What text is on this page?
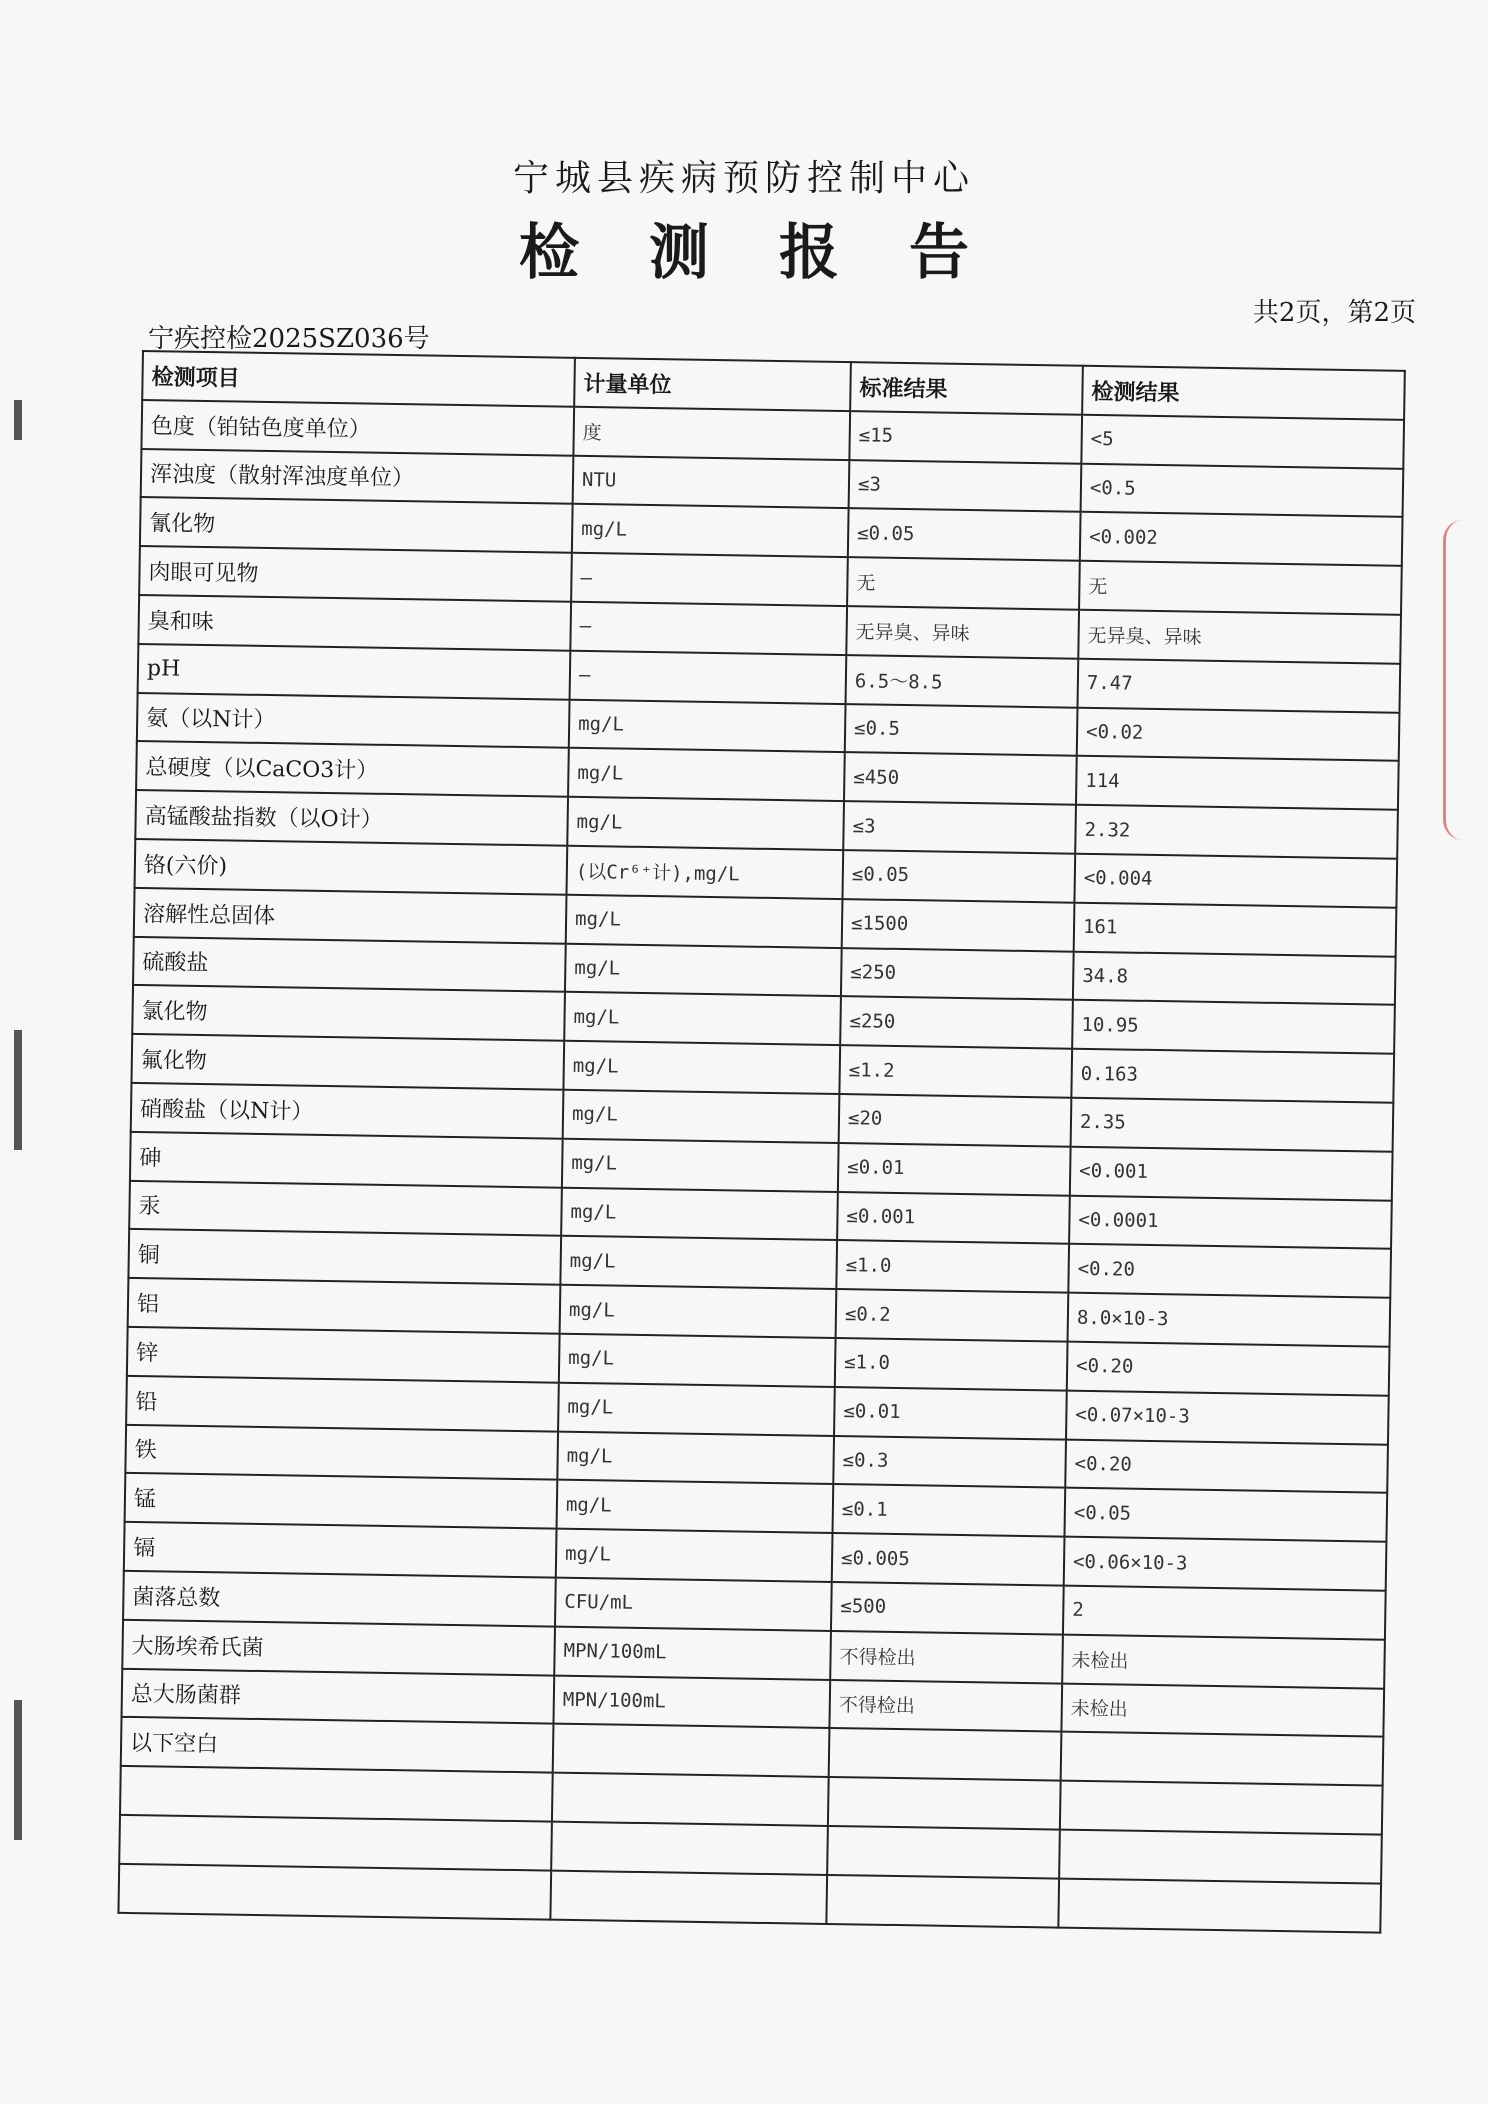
宁城县疾病预防控制中心
检测报告
共2页，第2页
宁疾控检2025SZ036号
检测项目	计量单位	标准结果	检测结果
色度（铂钴色度单位）	度	≤15	<5
浑浊度（散射浑浊度单位）	NTU	≤3	<0.5
氰化物	mg/L	≤0.05	<0.002
肉眼可见物	—	无	无
臭和味	—	无异臭、异味	无异臭、异味
pH	—	6.5～8.5	7.47
氨（以N计）	mg/L	≤0.5	<0.02
总硬度（以CaCO3计）	mg/L	≤450	114
高锰酸盐指数（以O计）	mg/L	≤3	2.32
铬(六价)	(以Cr⁶⁺计),mg/L	≤0.05	<0.004
溶解性总固体	mg/L	≤1500	161
硫酸盐	mg/L	≤250	34.8
氯化物	mg/L	≤250	10.95
氟化物	mg/L	≤1.2	0.163
硝酸盐（以N计）	mg/L	≤20	2.35
砷	mg/L	≤0.01	<0.001
汞	mg/L	≤0.001	<0.0001
铜	mg/L	≤1.0	<0.20
铝	mg/L	≤0.2	8.0×10-3
锌	mg/L	≤1.0	<0.20
铅	mg/L	≤0.01	<0.07×10-3
铁	mg/L	≤0.3	<0.20
锰	mg/L	≤0.1	<0.05
镉	mg/L	≤0.005	<0.06×10-3
菌落总数	CFU/mL	≤500	2
大肠埃希氏菌	MPN/100mL	不得检出	未检出
总大肠菌群	MPN/100mL	不得检出	未检出
以下空白			
